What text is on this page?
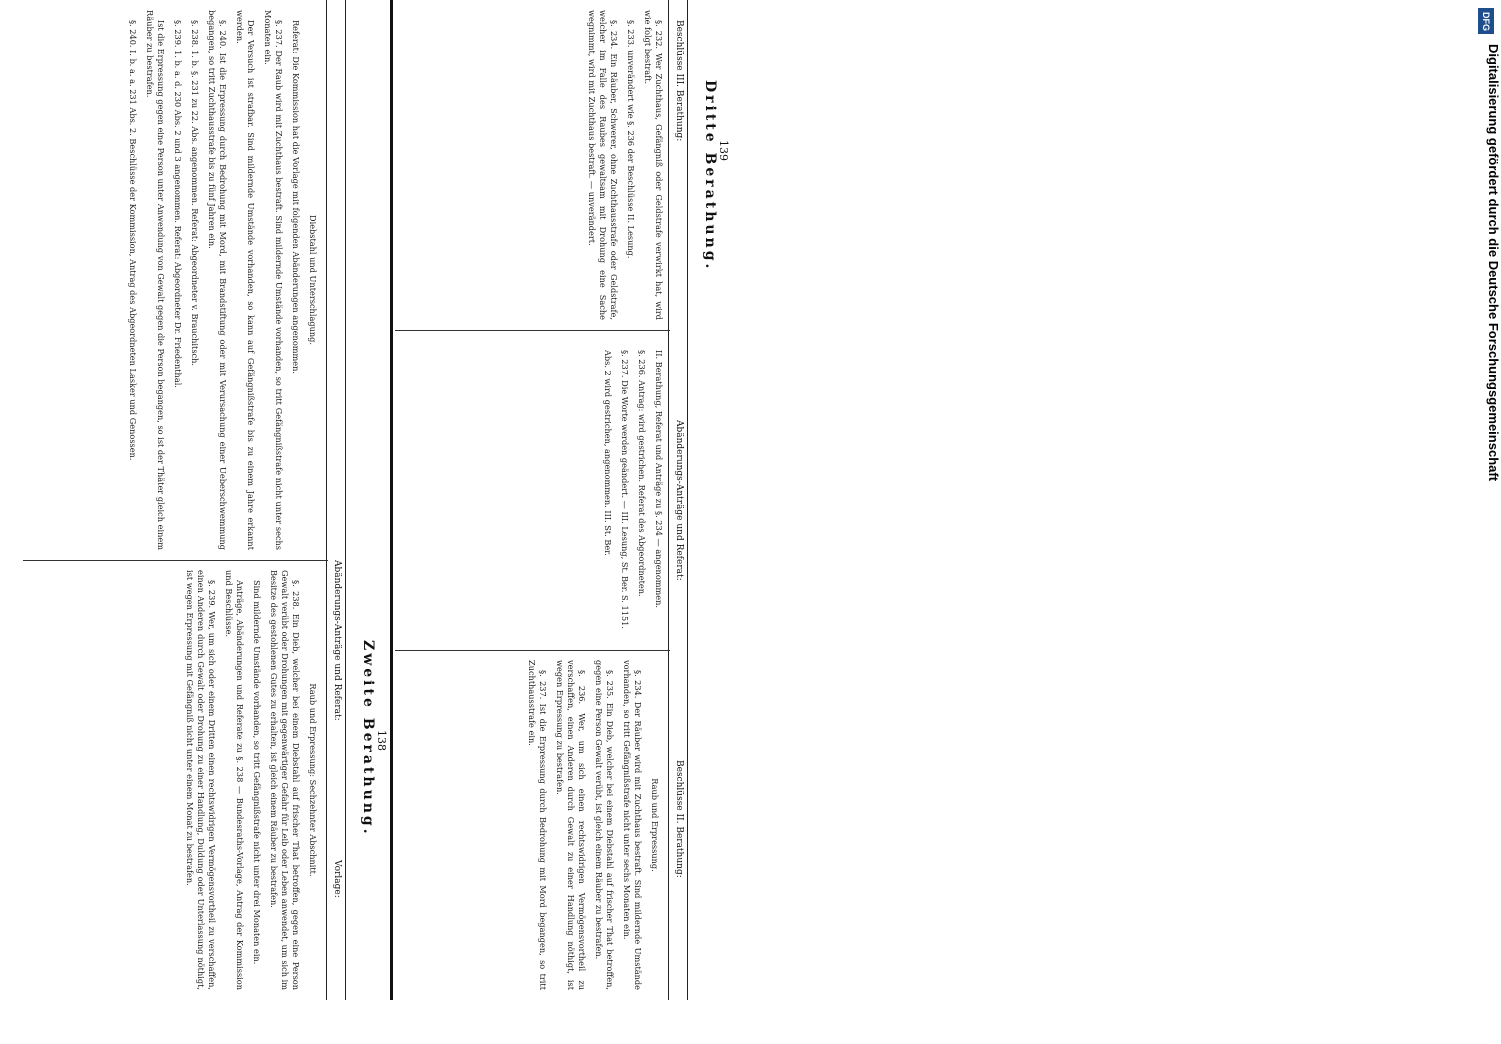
DFG
Digitalisierung gefördert durch die Deutsche Forschungsgemeinschaft
138
Zweite Berathung.
Vorlage:
Abänderungs-Anträge und Referat:

Raub und Erpressung: Sechzehnter Abschnitt.

§. 238. Ein Dieb, welcher bei einem Diebstahl auf frischer That betroffen, gegen eine Person Gewalt verübt oder Drohungen mit gegenwärtiger Gefahr für Leib oder Leben anwendet, um sich im Besitze des gestohlenen Gutes zu erhalten, ist gleich einem Räuber zu bestrafen.

Sind mildernde Umstände vorhanden, so tritt Gefängnißstrafe nicht unter drei Monaten ein.

Anträge, Abänderungen und Referate zu §. 238 — Bundesraths-Vorlage, Antrag der Kommission und Beschlüsse.

§. 239. Wer, um sich oder einem Dritten einen rechtswidrigen Vermögensvortheil zu verschaffen, einen Anderen durch Gewalt oder Drohung zu einer Handlung, Duldung oder Unterlassung nöthigt, ist wegen Erpressung mit Gefängniß nicht unter einem Monat zu bestrafen.

Diebstahl und Unterschlagung.

Referat: Die Kommission hat die Vorlage mit folgenden Abänderungen angenommen.

§. 237. Der Raub wird mit Zuchthaus bestraft. Sind mildernde Umstände vorhanden, so tritt Gefängnißstrafe nicht unter sechs Monaten ein.

Der Versuch ist strafbar. Sind mildernde Umstände vorhanden, so kann auf Gefängnißstrafe bis zu einem Jahre erkannt werden.

§. 240. Ist die Erpressung durch Bedrohung mit Mord, mit Brandstiftung oder mit Verursachung einer Ueberschwemmung begangen, so tritt Zuchthausstrafe bis zu fünf Jahren ein.

§. 238. 1. b. §. 231 zu 22. Abs. angenommen. Referat: Abgeordneter v. Brauchitsch.

§. 239. 1. b. a. d. 230 Abs. 2 und 3 angenommen. Referat: Abgeordneter Dr. Friedenthal.

Ist die Erpressung gegen eine Person unter Anwendung von Gewalt gegen die Person begangen, so ist der Thäter gleich einem Räuber zu bestrafen.

§. 240. I. b. a. a. 231 Abs. 2. Beschlüsse der Kommission, Antrag des Abgeordneten Lasker und Genossen.	139
Dritte Berathung.
Beschlüsse II. Berathung:
Abänderungs-Anträge und Referat:
Beschlüsse III. Berathung:

Raub und Erpressung.

§. 234. Der Räuber wird mit Zuchthaus bestraft. Sind mildernde Umstände vorhanden, so tritt Gefängnißstrafe nicht unter sechs Monaten ein.

§. 235. Ein Dieb, welcher bei einem Diebstahl auf frischer That betroffen, gegen eine Person Gewalt verübt, ist gleich einem Räuber zu bestrafen.

§. 236. Wer, um sich einen rechtswidrigen Vermögensvortheil zu verschaffen, einen Anderen durch Gewalt zu einer Handlung nöthigt, ist wegen Erpressung zu bestrafen.

§. 237. Ist die Erpressung durch Bedrohung mit Mord begangen, so tritt Zuchthausstrafe ein.

II. Berathung, Referat und Anträge zu §. 234 — angenommen.

§. 236. Antrag: wird gestrichen. Referat des Abgeordneten.

§. 237. Die Worte werden geändert. — III. Lesung, St. Ber. S. 1151.

Abs. 2 wird gestrichen, angenommen. III. St. Ber.

§. 232. Wer Zuchthaus, Gefängniß oder Geldstrafe verwirkt hat, wird wie folgt bestraft.

§. 233. unverändert wie §. 236 der Beschlüsse II. Lesung.

§. 234. Ein Räuber, Schwerer, ohne Zuchthausstrafe oder Geldstrafe, welcher im Falle des Raubes gewaltsam mit Drohung eine Sache wegnimmt, wird mit Zuchthaus bestraft. — unverändert.
